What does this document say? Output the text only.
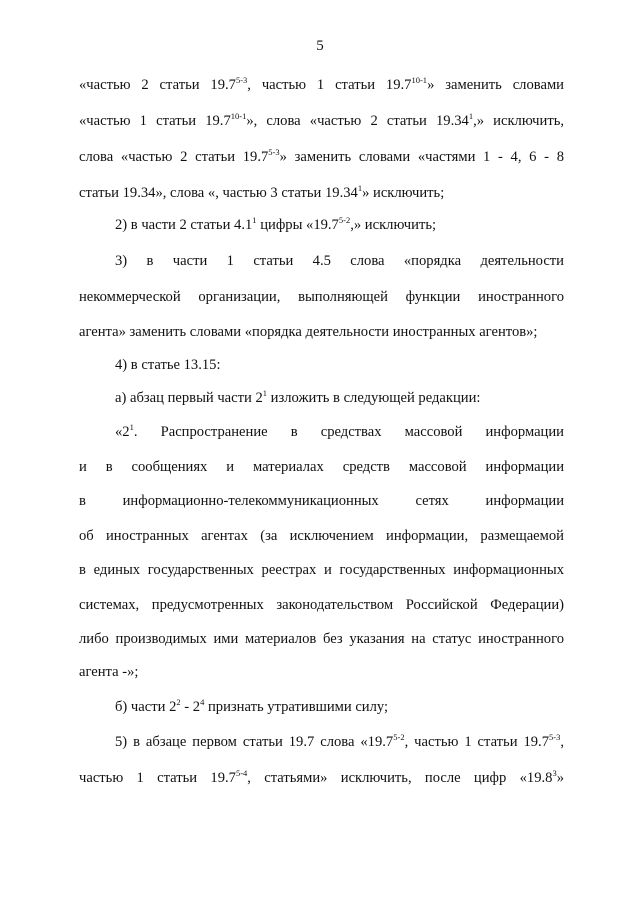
5
«частью 2 статьи 19.7$^{5-3}$, частью 1 статьи 19.7$^{10-1}$» заменить словами
«частью 1 статьи 19.7$^{10-1}$», слова «частью 2 статьи 19.34$^1$,» исключить,
слова «частью 2 статьи 19.7$^{5-3}$» заменить словами «частями 1 - 4, 6 - 8
статьи 19.34», слова «, частью 3 статьи 19.34$^1$» исключить;
2) в части 2 статьи $4.1^1$ цифры «19.7$^{5-2}$,» исключить;
3) в части 1 статьи 4.5 слова «порядка деятельности
некоммерческой организации, выполняющей функции иностранного
агента» заменить словами «порядка деятельности иностранных агентов»;
4) в статье 13.15:
а) абзац первый части $2^1$ изложить в следующей редакции:
«$2^1$. Распространение в средствах массовой информации
и в сообщениях и материалах средств массовой информации
в информационно-телекоммуникационных сетях информации
об иностранных агентах (за исключением информации, размещаемой
в единых государственных реестрах и государственных информационных
системах, предусмотренных законодательством Российской Федерации)
либо производимых ими материалов без указания на статус иностранного
агента -»;
б) части $2^2 - 2^4$ признать утратившими силу;
5) в абзаце первом статьи 19.7 слова «19.7$^{5-2}$, частью 1 статьи 19.7$^{5-3}$,
частью 1 статьи 19.7$^{5-4}$, статьями» исключить, после цифр «19.8$^3$»
